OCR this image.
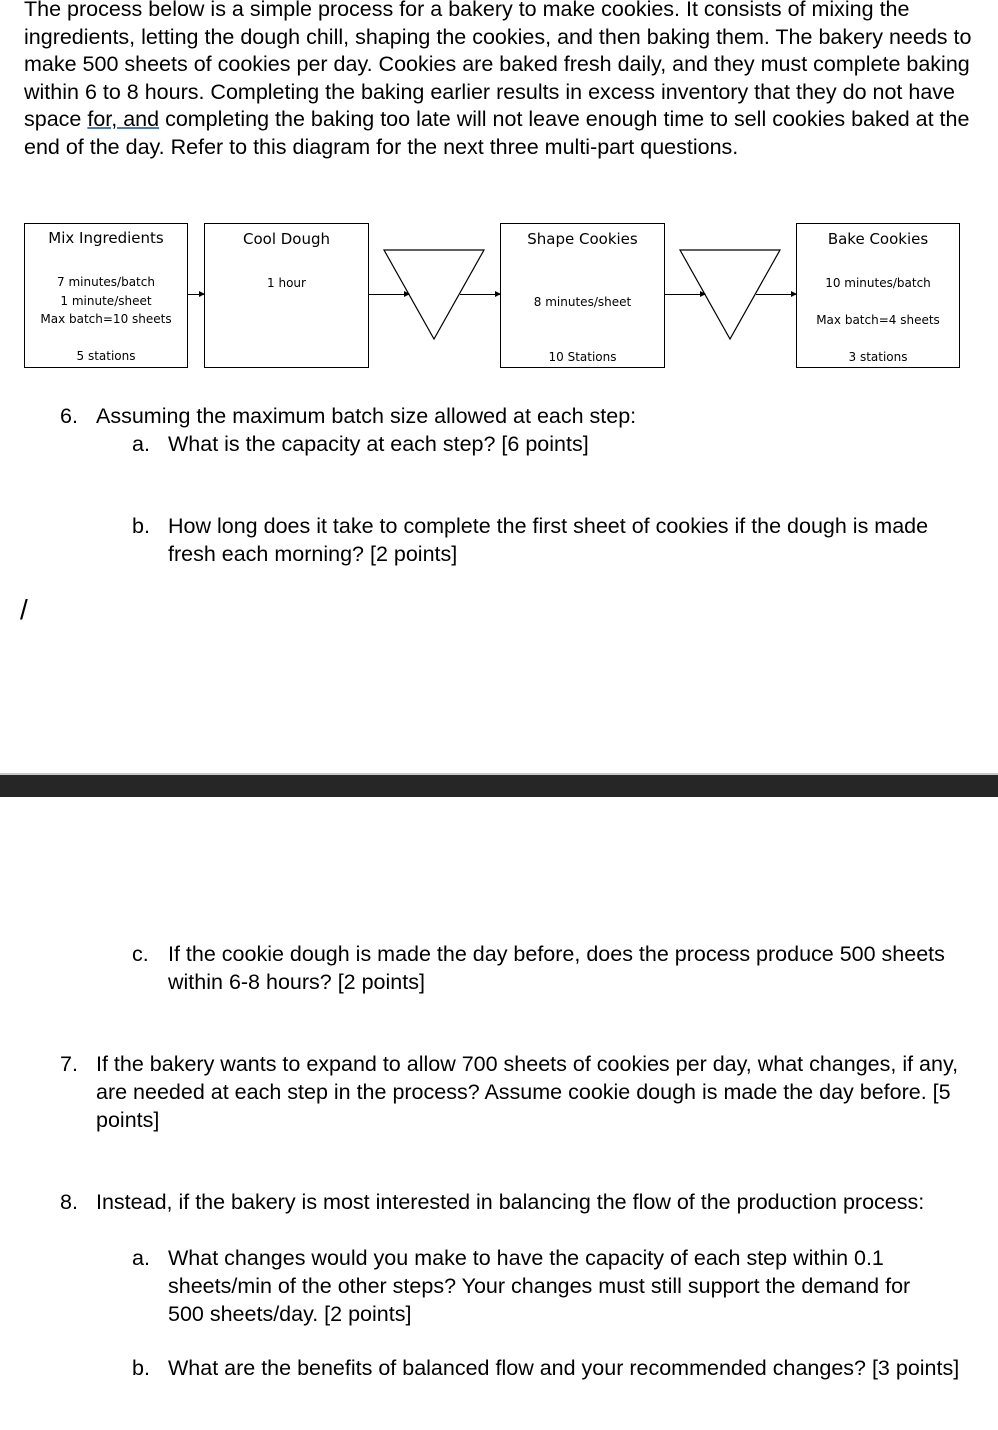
The process below is a simple process for a bakery to make cookies. It consists of mixing the ingredients, letting the dough chill, shaping the cookies, and then baking them. The bakery needs to make 500 sheets of cookies per day. Cookies are baked fresh daily, and they must complete baking within 6 to 8 hours. Completing the baking earlier results in excess inventory that they do not have space for, and completing the baking too late will not leave enough time to sell cookies baked at the end of the day. Refer to this diagram for the next three multi-part questions.

Mix Ingredients
7 minutes/batch
1 minute/sheet
Max batch=10 sheets
5 stations
Cool Dough
1 hour
Shape Cookies
8 minutes/sheet
10 Stations
Bake Cookies
10 minutes/batch
Max batch=4 sheets
3 stations
6. Assuming the maximum batch size allowed at each step:
a. What is the capacity at each step? [6 points]
b. How long does it take to complete the first sheet of cookies if the dough is made fresh each morning? [2 points]
/
c. If the cookie dough is made the day before, does the process produce 500 sheets within 6-8 hours? [2 points]
7. If the bakery wants to expand to allow 700 sheets of cookies per day, what changes, if any, are needed at each step in the process? Assume cookie dough is made the day before. [5 points]
8. Instead, if the bakery is most interested in balancing the flow of the production process:
a. What changes would you make to have the capacity of each step within 0.1 sheets/min of the other steps? Your changes must still support the demand for 500 sheets/day. [2 points]
b. What are the benefits of balanced flow and your recommended changes? [3 points]
